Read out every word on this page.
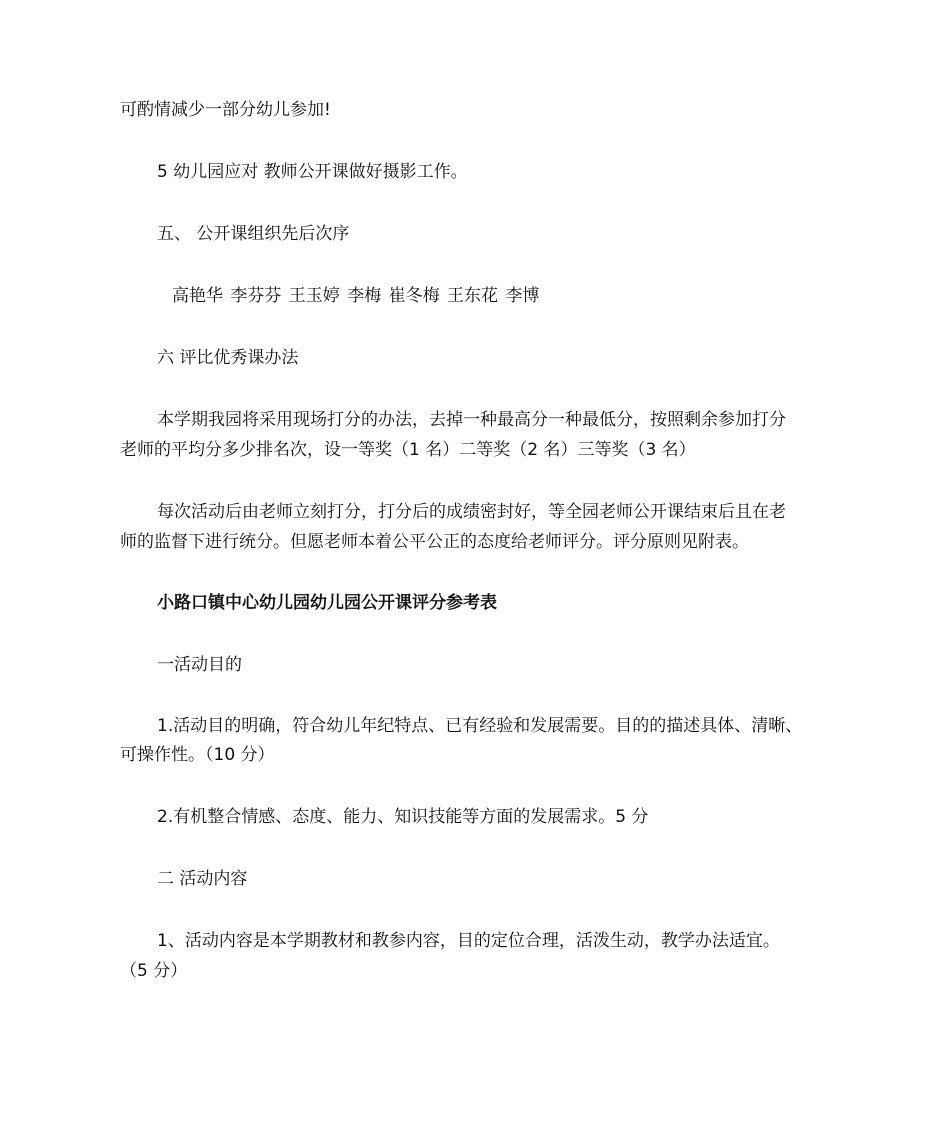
可酌情减少一部分幼儿参加!

5 幼儿园应对 教师公开课做好摄影工作。

五、 公开课组织先后次序

高艳华 李芬芬 王玉婷 李梅 崔冬梅 王东花 李博

六 评比优秀课办法

本学期我园将采用现场打分的办法，去掉一种最高分一种最低分，按照剩余参加打分

老师的平均分多少排名次，设一等奖（1 名）二等奖（2 名）三等奖（3 名）

每次活动后由老师立刻打分，打分后的成绩密封好，等全园老师公开课结束后且在老

师的监督下进行统分。但愿老师本着公平公正的态度给老师评分。评分原则见附表。

小路口镇中心幼儿园幼儿园公开课评分参考表

一活动目的

1.活动目的明确，符合幼儿年纪特点、已有经验和发展需要。目的的描述具体、清晰、

可操作性。（10 分）

2.有机整合情感、态度、能力、知识技能等方面的发展需求。5 分

二 活动内容

1、活动内容是本学期教材和教参内容，目的定位合理，活泼生动，教学办法适宜。

（5 分）
